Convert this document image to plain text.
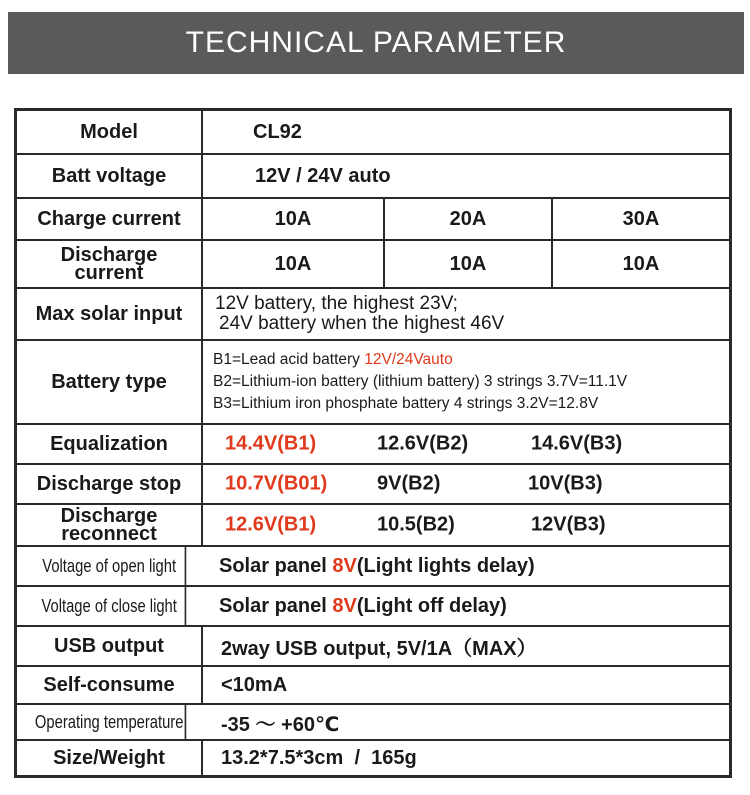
TECHNICAL PARAMETER
Model	CL92
Batt voltage	12V / 24V auto
Charge current	10A	20A	30A
Discharge
current	10A	10A	10A
Max solar input	12V battery, the highest 23V;
24V battery when the highest 46V
Battery type
B1=Lead acid battery 12V/24Vauto
B2=Lithium-ion battery (lithium battery) 3 strings 3.7V=11.1V
B3=Lithium iron phosphate battery 4 strings 3.2V=12.8V
Equalization	14.4V(B1)	12.6V(B2)	14.6V(B3)
Discharge stop	10.7V(B01) 9V(B2)	10V(B3)
Discharge
reconnect	12.6V(B1)	10.5(B2)	12V(B3)
Voltage of open light	Solar panel 8V (Light lights delay)
Voltage of close light	Solar panel 8V (Light off delay)
USB output	2way USB output, 5V/1A（MAX）
Self-consume	<10mA
Operating temperature	-35 ～ +60℃
Size/Weight	13.2*7.5*3cm  /  165g
